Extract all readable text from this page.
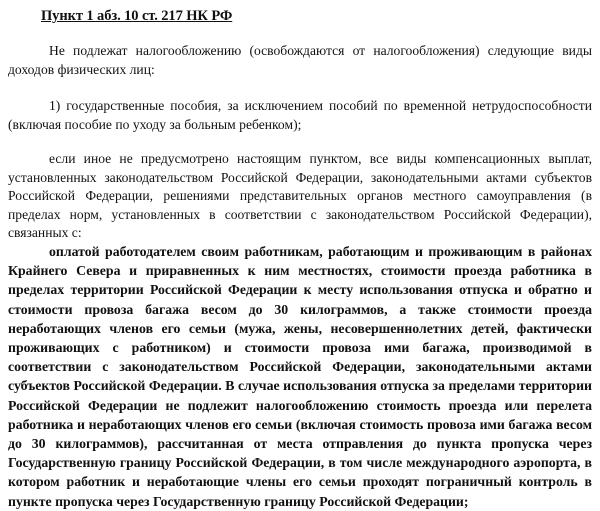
Пункт 1 абз. 10 ст. 217 НК РФ

Не подлежат налогообложению (освобождаются от налогообложения) следующие виды доходов физических лиц:

1) государственные пособия, за исключением пособий по временной нетрудоспособности (включая пособие по уходу за больным ребенком);

если иное не предусмотрено настоящим пунктом, все виды компенсационных выплат, установленных законодательством Российской Федерации, законодательными актами субъектов Российской Федерации, решениями представительных органов местного самоуправления (в пределах норм, установленных в соответствии с законодательством Российской Федерации), связанных с:

оплатой работодателем своим работникам, работающим и проживающим в районах Крайнего Севера и приравненных к ним местностях, стоимости проезда работника в пределах территории Российской Федерации к месту использования отпуска и обратно и стоимости провоза багажа весом до 30 килограммов, а также стоимости проезда неработающих членов его семьи (мужа, жены, несовершеннолетних детей, фактически проживающих с работником) и стоимости провоза ими багажа, производимой в соответствии с законодательством Российской Федерации, законодательными актами субъектов Российской Федерации. В случае использования отпуска за пределами территории Российской Федерации не подлежит налогообложению стоимость проезда или перелета работника и неработающих членов его семьи (включая стоимость провоза ими багажа весом до 30 килограммов), рассчитанная от места отправления до пункта пропуска через Государственную границу Российской Федерации, в том числе международного аэропорта, в котором работник и неработающие члены его семьи проходят пограничный контроль в пункте пропуска через Государственную границу Российской Федерации;
